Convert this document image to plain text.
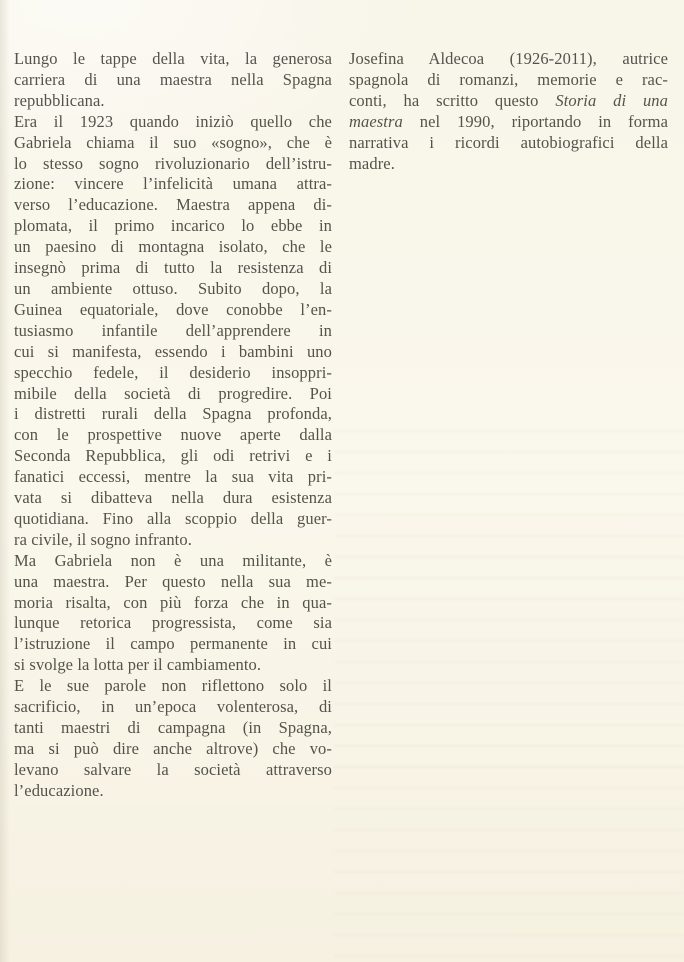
Lungo le tappe della vita, la generosa
carriera di una maestra nella Spagna
repubblicana.
Era il 1923 quando iniziò quello che
Gabriela chiama il suo «sogno», che è
lo stesso sogno rivoluzionario dell’istru-
zione: vincere l’infelicità umana attra-
verso l’educazione. Maestra appena di-
plomata, il primo incarico lo ebbe in
un paesino di montagna isolato, che le
insegnò prima di tutto la resistenza di
un ambiente ottuso. Subito dopo, la
Guinea equatoriale, dove conobbe l’en-
tusiasmo infantile dell’apprendere in
cui si manifesta, essendo i bambini uno
specchio fedele, il desiderio insoppri-
mibile della società di progredire. Poi
i distretti rurali della Spagna profonda,
con le prospettive nuove aperte dalla
Seconda Repubblica, gli odi retrivi e i
fanatici eccessi, mentre la sua vita pri-
vata si dibatteva nella dura esistenza
quotidiana. Fino alla scoppio della guer-
ra civile, il sogno infranto.
Ma Gabriela non è una militante, è
una maestra. Per questo nella sua me-
moria risalta, con più forza che in qua-
lunque retorica progressista, come sia
l’istruzione il campo permanente in cui
si svolge la lotta per il cambiamento.
E le sue parole non riflettono solo il
sacrificio, in un’epoca volenterosa, di
tanti maestri di campagna (in Spagna,
ma si può dire anche altrove) che vo-
levano salvare la società attraverso
l’educazione.
Josefina Aldecoa (1926-2011), autrice
spagnola di romanzi, memorie e rac-
conti, ha scritto questo Storia di una
maestra nel 1990, riportando in forma
narrativa i ricordi autobiografici della
madre.
